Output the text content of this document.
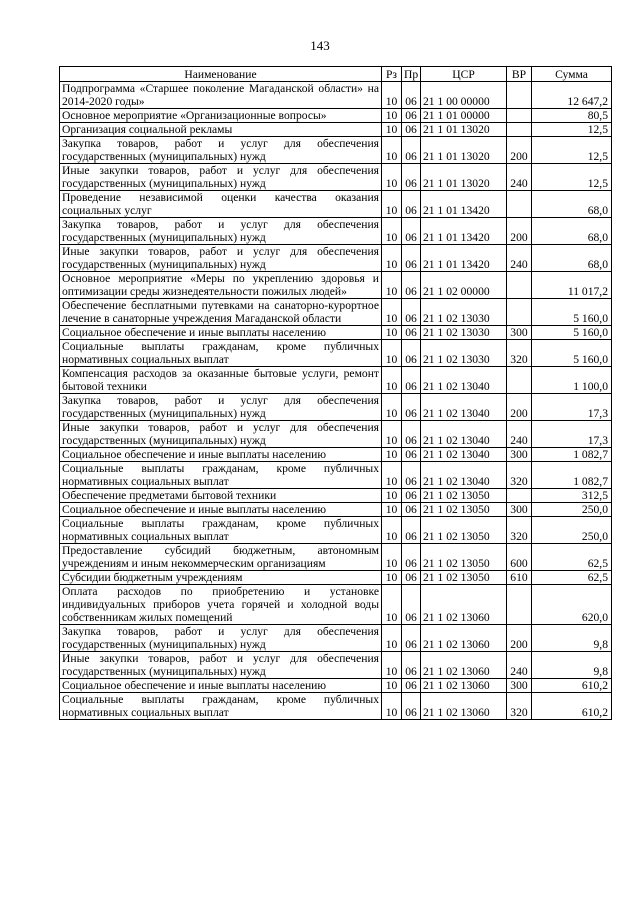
143
Наименование	Рз	Пр	ЦСР	ВР	Сумма
Подпрограмма «Старшее поколение Магаданской области» на 2014-2020 годы»	10	06	21 1 00 00000		12 647,2
Основное мероприятие «Организационные вопросы»	10	06	21 1 01 00000		80,5
Организация социальной рекламы	10	06	21 1 01 13020		12,5
Закупка товаров, работ и услуг для обеспечения государственных (муниципальных) нужд	10	06	21 1 01 13020	200	12,5
Иные закупки товаров, работ и услуг для обеспечения государственных (муниципальных) нужд	10	06	21 1 01 13020	240	12,5
Проведение независимой оценки качества оказания социальных услуг	10	06	21 1 01 13420		68,0
Закупка товаров, работ и услуг для обеспечения государственных (муниципальных) нужд	10	06	21 1 01 13420	200	68,0
Иные закупки товаров, работ и услуг для обеспечения государственных (муниципальных) нужд	10	06	21 1 01 13420	240	68,0
Основное мероприятие «Меры по укреплению здоровья и оптимизации среды жизнедеятельности пожилых людей»	10	06	21 1 02 00000		11 017,2
Обеспечение бесплатными путевками на санаторно-курортное лечение в санаторные учреждения Магаданской области	10	06	21 1 02 13030		5 160,0
Социальное обеспечение и иные выплаты населению	10	06	21 1 02 13030	300	5 160,0
Социальные выплаты гражданам, кроме публичных нормативных социальных выплат	10	06	21 1 02 13030	320	5 160,0
Компенсация расходов за оказанные бытовые услуги, ремонт бытовой техники	10	06	21 1 02 13040		1 100,0
Закупка товаров, работ и услуг для обеспечения государственных (муниципальных) нужд	10	06	21 1 02 13040	200	17,3
Иные закупки товаров, работ и услуг для обеспечения государственных (муниципальных) нужд	10	06	21 1 02 13040	240	17,3
Социальное обеспечение и иные выплаты населению	10	06	21 1 02 13040	300	1 082,7
Социальные выплаты гражданам, кроме публичных нормативных социальных выплат	10	06	21 1 02 13040	320	1 082,7
Обеспечение предметами бытовой техники	10	06	21 1 02 13050		312,5
Социальное обеспечение и иные выплаты населению	10	06	21 1 02 13050	300	250,0
Социальные выплаты гражданам, кроме публичных нормативных социальных выплат	10	06	21 1 02 13050	320	250,0
Предоставление субсидий бюджетным, автономным учреждениям и иным некоммерческим организациям	10	06	21 1 02 13050	600	62,5
Субсидии бюджетным учреждениям	10	06	21 1 02 13050	610	62,5
Оплата расходов по приобретению и установке индивидуальных приборов учета горячей и холодной воды собственникам жилых помещений	10	06	21 1 02 13060		620,0
Закупка товаров, работ и услуг для обеспечения государственных (муниципальных) нужд	10	06	21 1 02 13060	200	9,8
Иные закупки товаров, работ и услуг для обеспечения государственных (муниципальных) нужд	10	06	21 1 02 13060	240	9,8
Социальное обеспечение и иные выплаты населению	10	06	21 1 02 13060	300	610,2
Социальные выплаты гражданам, кроме публичных нормативных социальных выплат	10	06	21 1 02 13060	320	610,2
